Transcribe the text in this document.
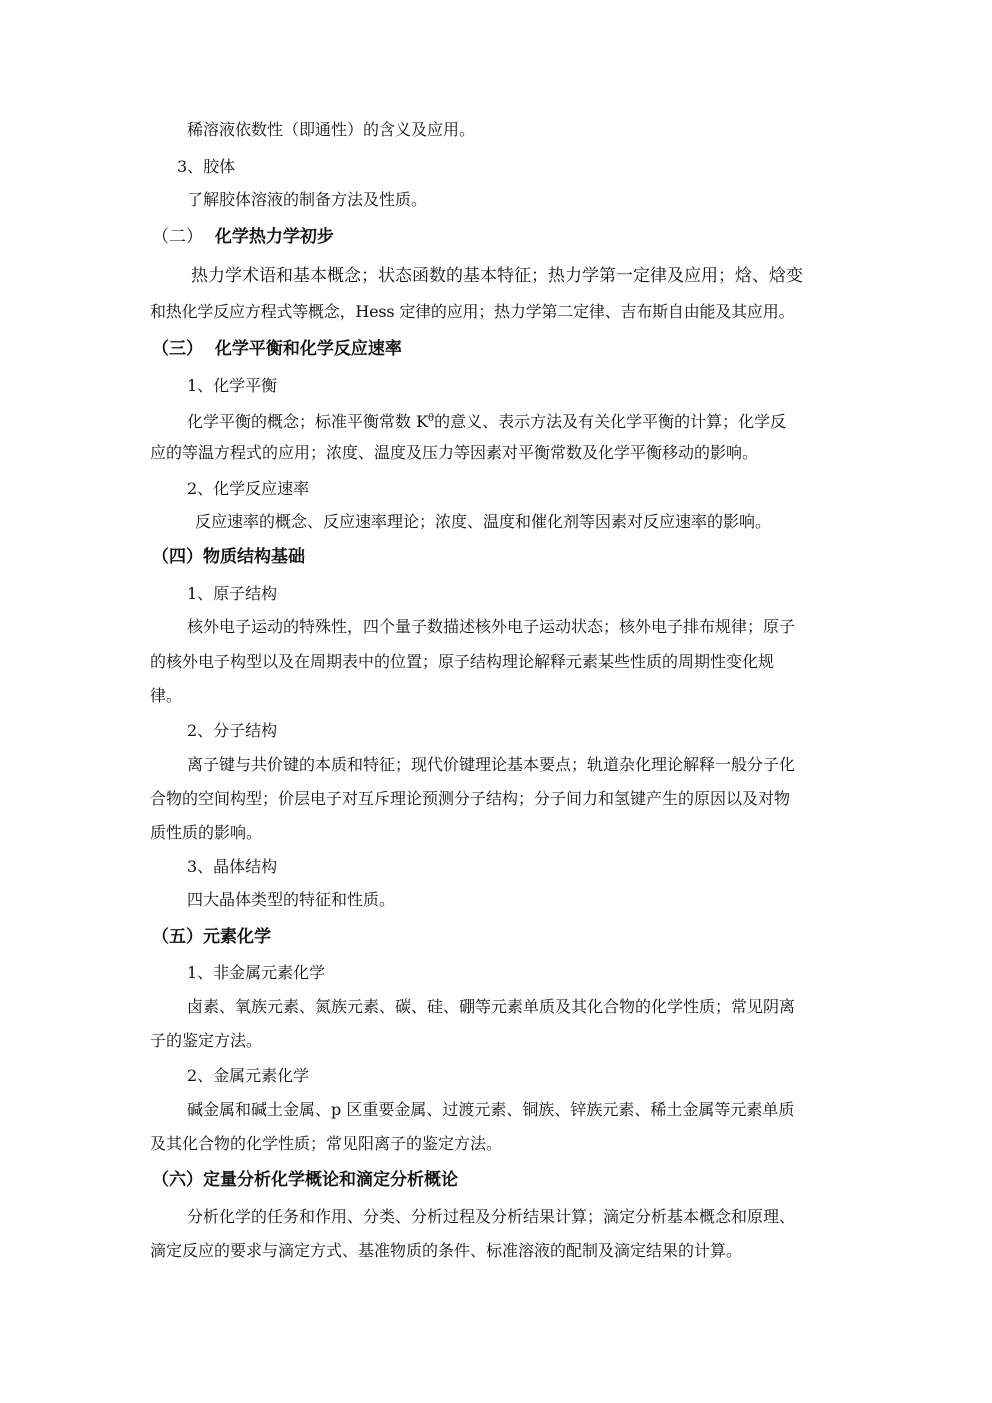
稀溶液依数性（即通性）的含义及应用。
3、胶体
了解胶体溶液的制备方法及性质。
（二） 化学热力学初步
热力学术语和基本概念；状态函数的基本特征；热力学第一定律及应用；焓、焓变
和热化学反应方程式等概念，Hess 定律的应用；热力学第二定律、吉布斯自由能及其应用。
（三） 化学平衡和化学反应速率
1、化学平衡
化学平衡的概念；标准平衡常数 $K^\theta$的意义、表示方法及有关化学平衡的计算；化学反
应的等温方程式的应用；浓度、温度及压力等因素对平衡常数及化学平衡移动的影响。
2、化学反应速率
反应速率的概念、反应速率理论；浓度、温度和催化剂等因素对反应速率的影响。
（四）物质结构基础
1、原子结构
核外电子运动的特殊性，四个量子数描述核外电子运动状态；核外电子排布规律；原子
的核外电子构型以及在周期表中的位置；原子结构理论解释元素某些性质的周期性变化规
律。
2、分子结构
离子键与共价键的本质和特征；现代价键理论基本要点；轨道杂化理论解释一般分子化
合物的空间构型；价层电子对互斥理论预测分子结构；分子间力和氢键产生的原因以及对物
质性质的影响。
3、晶体结构
四大晶体类型的特征和性质。
（五）元素化学
1、非金属元素化学
卤素、氧族元素、氮族元素、碳、硅、硼等元素单质及其化合物的化学性质；常见阴离
子的鉴定方法。
2、金属元素化学
碱金属和碱土金属、p 区重要金属、过渡元素、铜族、锌族元素、稀土金属等元素单质
及其化合物的化学性质；常见阳离子的鉴定方法。
（六）定量分析化学概论和滴定分析概论
分析化学的任务和作用、分类、分析过程及分析结果计算；滴定分析基本概念和原理、
滴定反应的要求与滴定方式、基准物质的条件、标准溶液的配制及滴定结果的计算。
